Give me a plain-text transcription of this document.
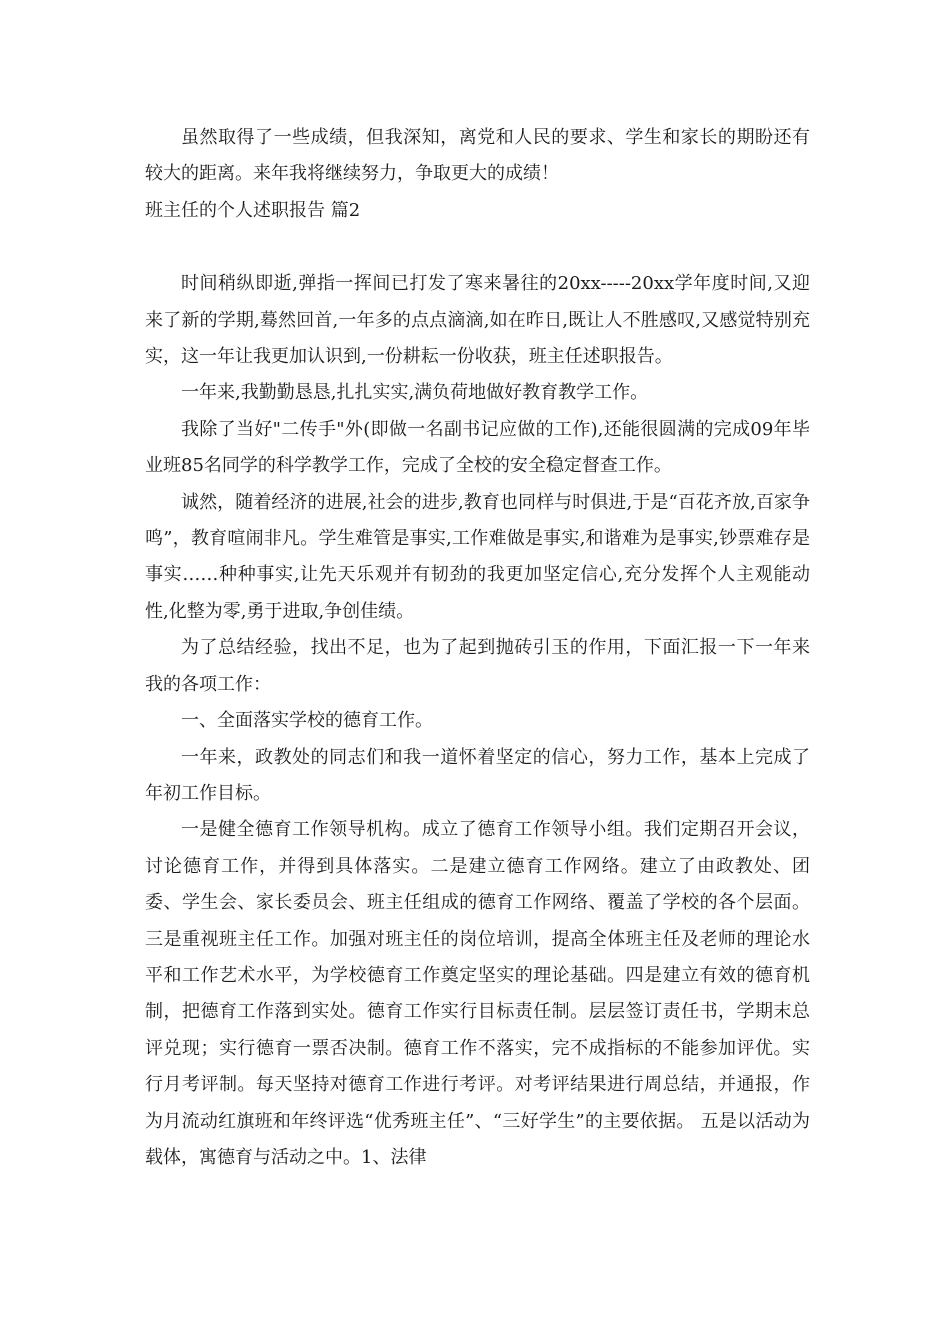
虽然取得了一些成绩，但我深知，离党和人民的要求、学生和家长的期盼还有较大的距离。来年我将继续努力，争取更大的成绩！

班主任的个人述职报告 篇2

时间稍纵即逝,弹指一挥间已打发了寒来暑往的20xx-----20xx学年度时间,又迎来了新的学期,蓦然回首,一年多的点点滴滴,如在昨日,既让人不胜感叹,又感觉特别充实，这一年让我更加认识到,一份耕耘一份收获，班主任述职报告。

一年来,我勤勤恳恳,扎扎实实,满负荷地做好教育教学工作。

我除了当好"二传手"外(即做一名副书记应做的工作),还能很圆满的完成09年毕业班85名同学的科学教学工作，完成了全校的安全稳定督查工作。

诚然，随着经济的进展,社会的进步,教育也同样与时俱进,于是“百花齐放,百家争鸣”，教育喧闹非凡。学生难管是事实,工作难做是事实,和谐难为是事实,钞票难存是事实……种种事实,让先天乐观并有韧劲的我更加坚定信心,充分发挥个人主观能动性,化整为零,勇于进取,争创佳绩。

为了总结经验，找出不足，也为了起到抛砖引玉的作用，下面汇报一下一年来我的各项工作：

一、全面落实学校的德育工作。

一年来，政教处的同志们和我一道怀着坚定的信心，努力工作，基本上完成了年初工作目标。

一是健全德育工作领导机构。成立了德育工作领导小组。我们定期召开会议，讨论德育工作，并得到具体落实。二是建立德育工作网络。建立了由政教处、团 委、学生会、家长委员会、班主任组成的德育工作网络、覆盖了学校的各个层面。三是重视班主任工作。加强对班主任的岗位培训，提高全体班主任及老师的理论水平和工作艺术水平，为学校德育工作奠定坚实的理论基础。四是建立有效的德育机制，把德育工作落到实处。德育工作实行目标责任制。层层签订责任书，学期末总评兑现；实行德育一票否决制。德育工作不落实，完不成指标的不能参加评优。实行月考评制。每天坚持对德育工作进行考评。对考评结果进行周总结，并通报，作为月流动红旗班和年终评选“优秀班主任”、“三好学生”的主要依据。 五是以活动为载体，寓德育与活动之中。1、法律
